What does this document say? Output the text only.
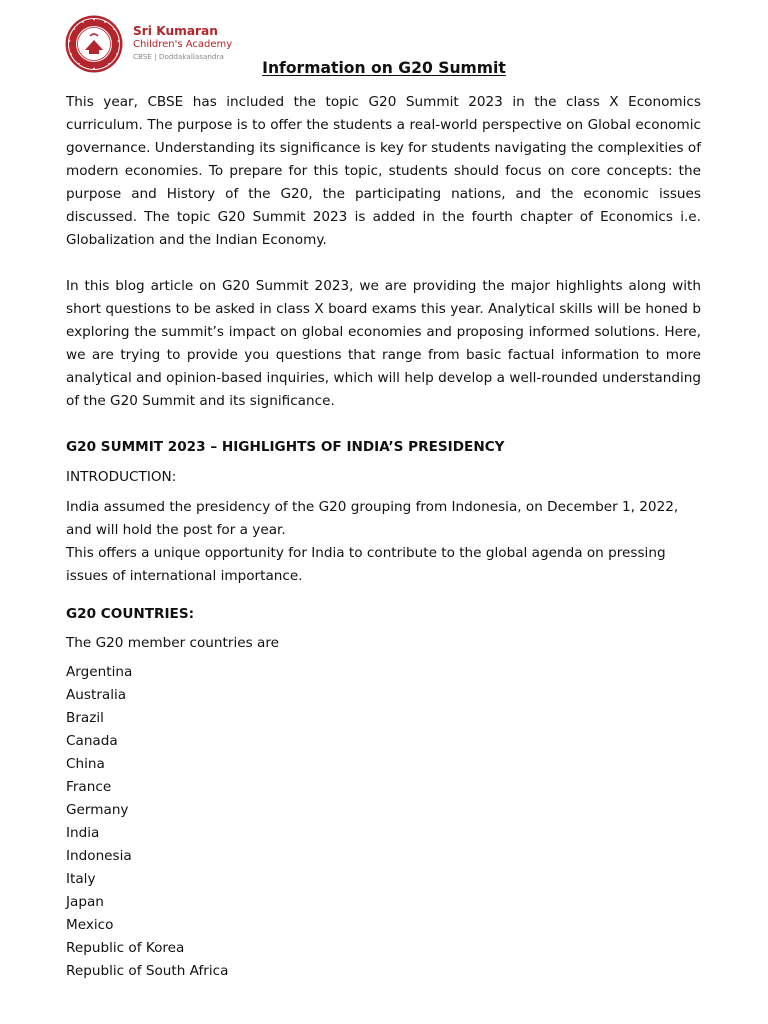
Sri Kumaran
Children's Academy
CBSE | Doddakallasandra
Information on G20 Summit

This year, CBSE has included the topic G20 Summit 2023 in the class X Economics curriculum. The purpose is to offer the students a real-world perspective on Global economic governance. Understanding its significance is key for students navigating the complexities of modern economies. To prepare for this topic, students should focus on core concepts: the purpose and History of the G20, the participating nations, and the economic issues discussed. The topic G20 Summit 2023 is added in the fourth chapter of Economics i.e. Globalization and the Indian Economy.

In this blog article on G20 Summit 2023, we are providing the major highlights along with short questions to be asked in class X board exams this year. Analytical skills will be honed b exploring the summit’s impact on global economies and proposing informed solutions. Here, we are trying to provide you questions that range from basic factual information to more analytical and opinion-based inquiries, which will help develop a well-rounded understanding of the G20 Summit and its significance.

G20 SUMMIT 2023 – HIGHLIGHTS OF INDIA’S PRESIDENCY

INTRODUCTION:

India assumed the presidency of the G20 grouping from Indonesia, on December 1, 2022, and will hold the post for a year.

This offers a unique opportunity for India to contribute to the global agenda on pressing issues of international importance.

G20 COUNTRIES:

The G20 member countries are

Argentina
Australia
Brazil
Canada
China
France
Germany
India
Indonesia
Italy
Japan
Mexico
Republic of Korea
Republic of South Africa
